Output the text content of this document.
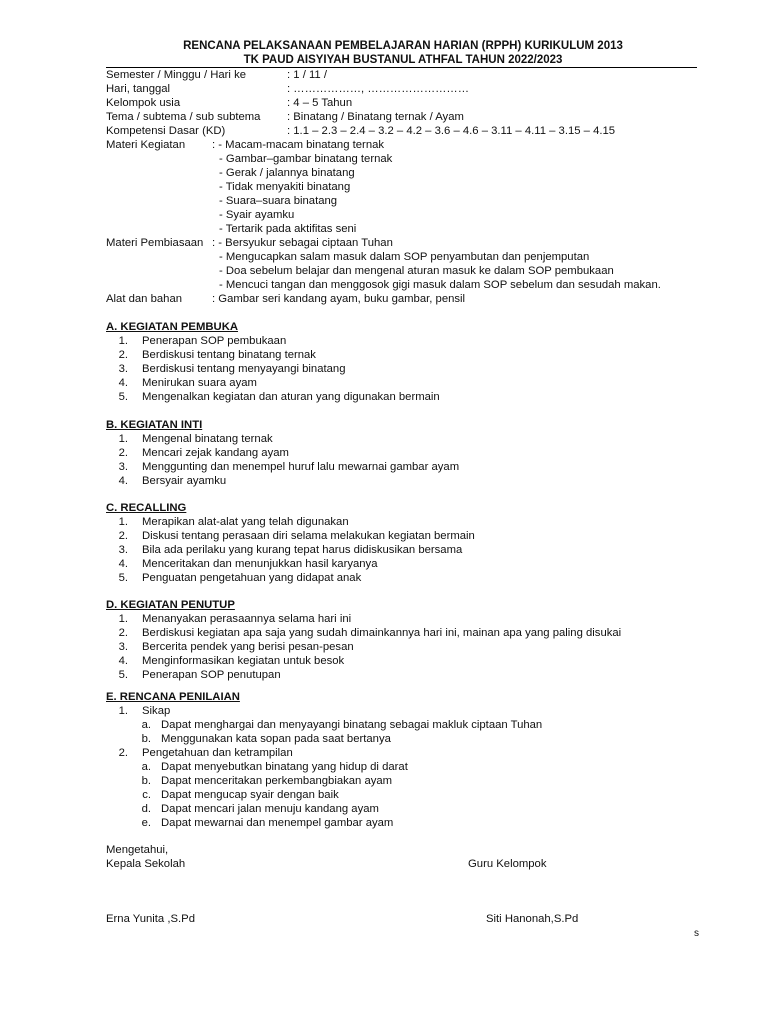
RENCANA PELAKSANAAN PEMBELAJARAN HARIAN (RPPH) KURIKULUM 2013
TK PAUD AISYIYAH BUSTANUL ATHFAL TAHUN 2022/2023
Semester / Minggu / Hari ke	: 1 / 11 /
Hari, tanggal	: ………………, ………………………
Kelompok usia	: 4 – 5 Tahun
Tema / subtema / sub subtema : Binatang / Binatang ternak / Ayam
Kompetensi Dasar (KD)	: 1.1 – 2.3 – 2.4 – 3.2 – 4.2 – 3.6 – 4.6 – 3.11 – 4.11 – 3.15 – 4.15
Materi Kegiatan : - Macam-macam binatang ternak
- Gambar–gambar binatang ternak
- Gerak / jalannya binatang
- Tidak menyakiti binatang
- Suara–suara binatang
- Syair ayamku
- Tertarik pada aktifitas seni
Materi Pembiasaan : - Bersyukur sebagai ciptaan Tuhan
- Mengucapkan salam masuk dalam SOP penyambutan dan penjemputan
- Doa sebelum belajar dan mengenal aturan masuk ke dalam SOP pembukaan
- Mencuci tangan dan menggosok gigi masuk dalam SOP sebelum dan sesudah makan.
Alat dan bahan	: Gambar seri kandang ayam, buku gambar, pensil
A. KEGIATAN PEMBUKA
1. Penerapan SOP pembukaan
2. Berdiskusi tentang binatang ternak
3. Berdiskusi tentang menyayangi binatang
4. Menirukan suara ayam
5. Mengenalkan kegiatan dan aturan yang digunakan bermain
B. KEGIATAN INTI
1. Mengenal binatang ternak
2. Mencari zejak kandang ayam
3. Menggunting dan menempel huruf lalu mewarnai gambar ayam
4. Bersyair ayamku
C. RECALLING
1. Merapikan alat-alat yang telah digunakan
2. Diskusi tentang perasaan diri selama melakukan kegiatan bermain
3. Bila ada perilaku yang kurang tepat harus didiskusikan bersama
4. Menceritakan dan menunjukkan hasil karyanya
5. Penguatan pengetahuan yang didapat anak
D. KEGIATAN PENUTUP
1. Menanyakan perasaannya selama hari ini
2. Berdiskusi kegiatan apa saja yang sudah dimainkannya hari ini, mainan apa yang paling disukai
3. Bercerita pendek yang berisi pesan-pesan
4. Menginformasikan kegiatan untuk besok
5. Penerapan SOP penutupan
E. RENCANA PENILAIAN
1. Sikap
a. Dapat menghargai dan menyayangi binatang sebagai makluk ciptaan Tuhan
b. Menggunakan kata sopan pada saat bertanya
2. Pengetahuan dan ketrampilan
a. Dapat menyebutkan binatang yang hidup di darat
b. Dapat menceritakan perkembangbiakan ayam
c. Dapat mengucap syair dengan baik
d. Dapat mencari jalan menuju kandang ayam
e. Dapat mewarnai dan menempel gambar ayam
Mengetahui,
Kepala Sekolah	Guru Kelompok
Erna Yunita ,S.Pd	Siti Hanonah,S.Pd
s
